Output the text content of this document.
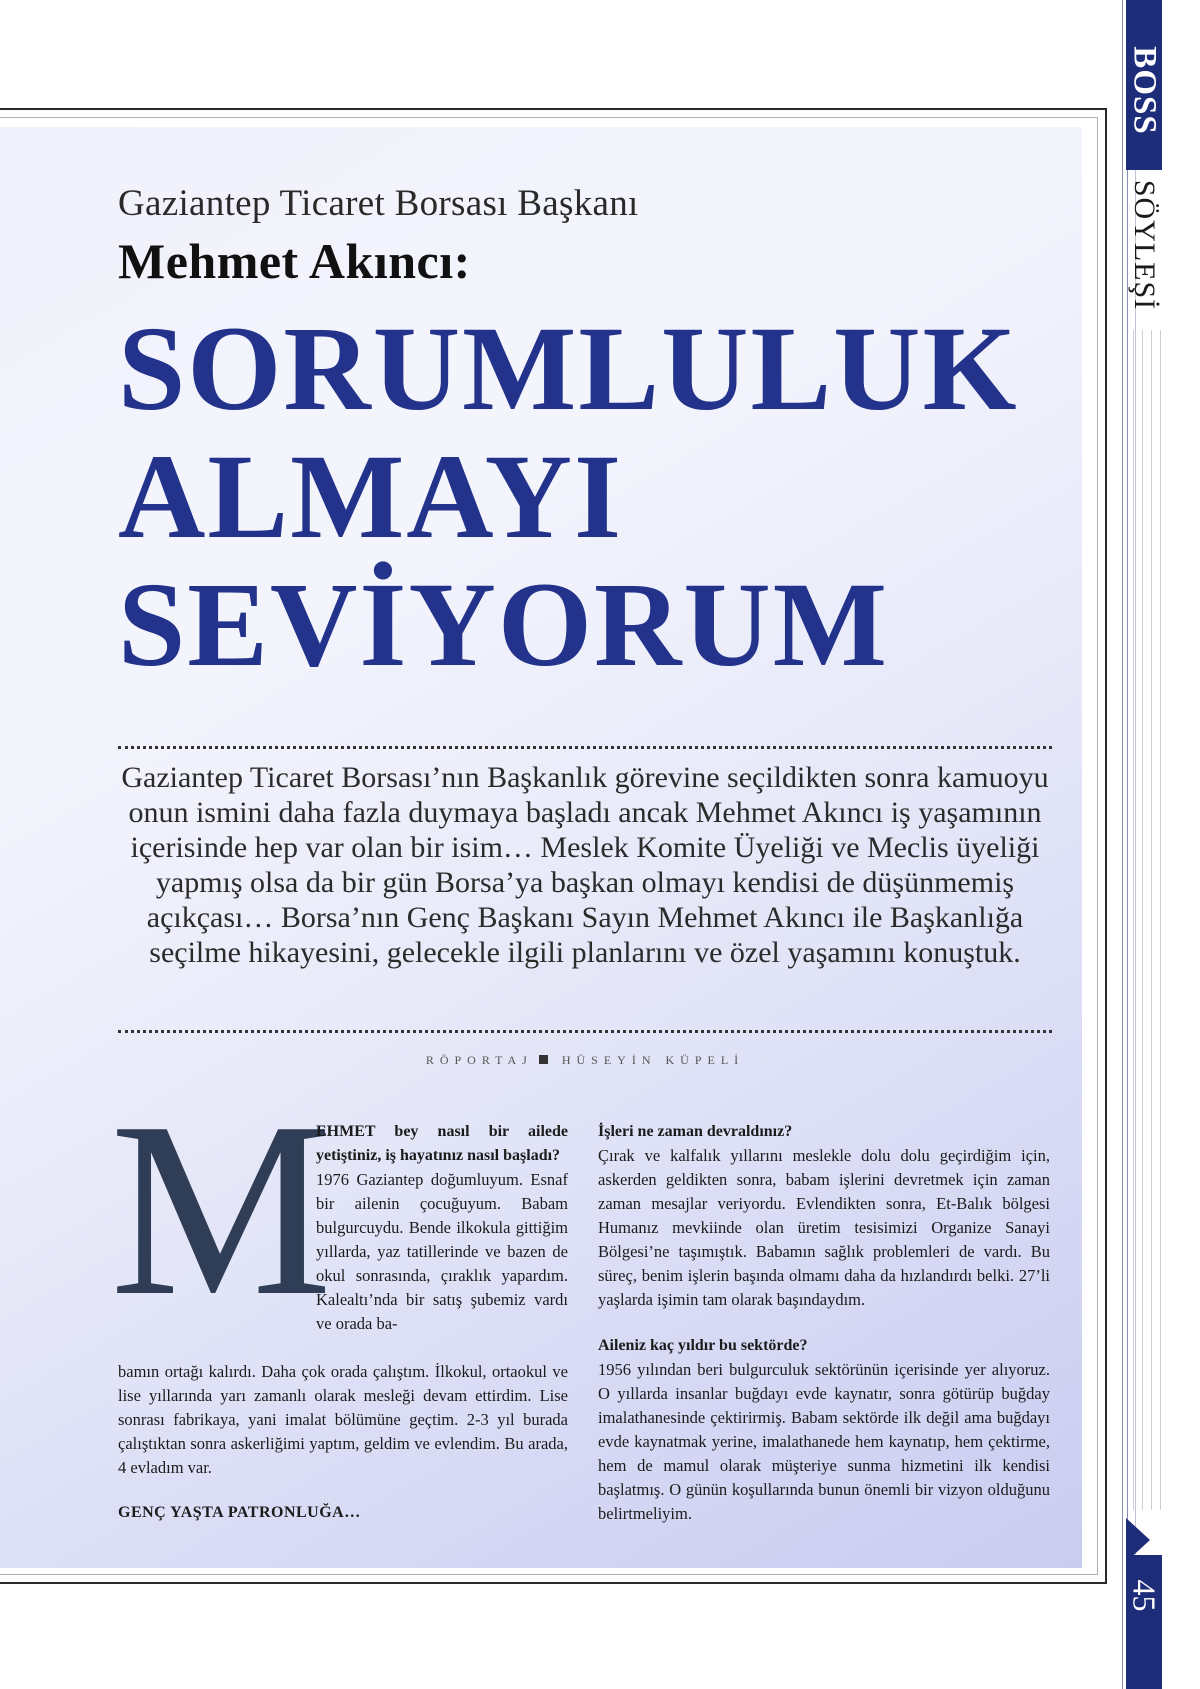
BOSS
SÖYLEŞİ
45
Gaziantep Ticaret Borsası Başkanı
Mehmet Akıncı:
SORUMLULUK
ALMAYI
SEVİYORUM
Gaziantep Ticaret Borsası’nın Başkanlık görevine seçildikten sonra kamuoyu onun ismini daha fazla duymaya başladı ancak Mehmet Akıncı iş yaşamının içerisinde hep var olan bir isim… Meslek Komite Üyeliği ve Meclis üyeliği yapmış olsa da bir gün Borsa’ya başkan olmayı kendisi de düşünmemiş açıkçası… Borsa’nın Genç Başkanı Sayın Mehmet Akıncı ile Başkanlığa seçilme hikayesini, gelecekle ilgili planlarını ve özel yaşamını konuştuk.
RÖPORTAJ HÜSEYİN KÜPELİ
M

EHMET bey nasıl bir ailede yetiştiniz, iş hayatınız nasıl başladı?

1976 Gaziantep doğumluyum. Esnaf bir ailenin çocuğuyum. Babam bulgurcuydu. Bende ilkokula gittiğim yıllarda, yaz tatillerinde ve bazen de okul sonrasında, çıraklık yapardım. Kalealtı’nda bir satış şubemiz vardı ve orada ba-

bamın ortağı kalırdı. Daha çok orada çalıştım. İlkokul, ortaokul ve lise yıllarında yarı zamanlı olarak mesleği devam ettirdim. Lise sonrası fabrikaya, yani imalat bölümüne geçtim. 2-3 yıl burada çalıştıktan sonra askerliğimi yaptım, geldim ve evlendim. Bu arada, 4 evladım var.

GENÇ YAŞTA PATRONLUĞA…

İşleri ne zaman devraldınız?

Çırak ve kalfalık yıllarını meslekle dolu dolu geçirdiğim için, askerden geldikten sonra, babam işlerini devretmek için zaman zaman mesajlar veriyordu. Evlendikten sonra, Et-Balık bölgesi Humanız mevkiinde olan üretim tesisimizi Organize Sanayi Bölgesi’ne taşımıştık. Babamın sağlık problemleri de vardı. Bu süreç, benim işlerin başında olmamı daha da hızlandırdı belki. 27’li yaşlarda işimin tam olarak başındaydım.

Aileniz kaç yıldır bu sektörde?

1956 yılından beri bulgurculuk sektörünün içerisinde yer alıyoruz. O yıllarda insanlar buğdayı evde kaynatır, sonra götürüp buğday imalathanesinde çektirirmiş. Babam sektörde ilk değil ama buğdayı evde kaynatmak yerine, imalathanede hem kaynatıp, hem çektirme, hem de mamul olarak müşteriye sunma hizmetini ilk kendisi başlatmış. O günün koşullarında bunun önemli bir vizyon olduğunu belirtmeliyim.
